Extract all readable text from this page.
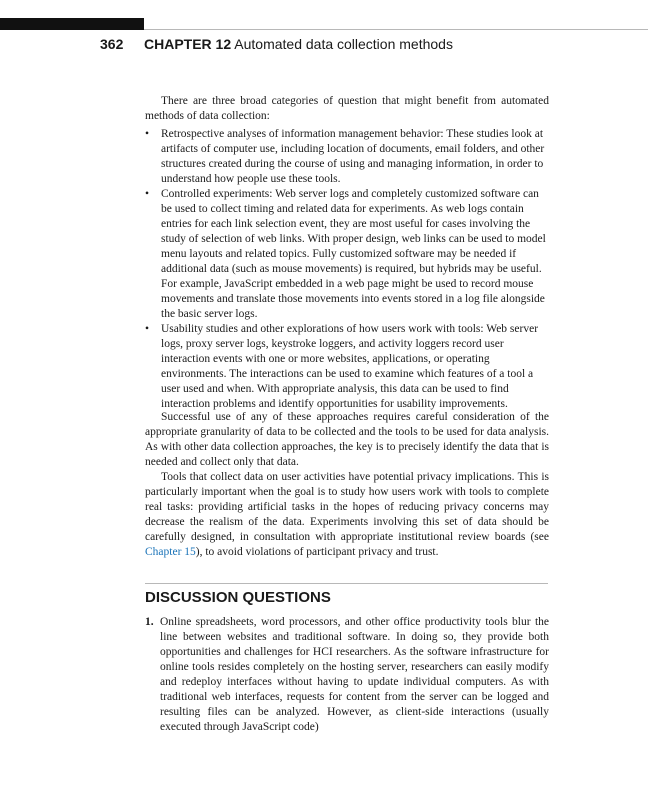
362 CHAPTER 12 Automated data collection methods
There are three broad categories of question that might benefit from automated methods of data collection:
• Retrospective analyses of information management behavior: These studies look at artifacts of computer use, including location of documents, email folders, and other structures created during the course of using and managing information, in order to understand how people use these tools.
• Controlled experiments: Web server logs and completely customized software can be used to collect timing and related data for experiments. As web logs contain entries for each link selection event, they are most useful for cases involving the study of selection of web links. With proper design, web links can be used to model menu layouts and related topics. Fully customized software may be needed if additional data (such as mouse movements) is required, but hybrids may be useful. For example, JavaScript embedded in a web page might be used to record mouse movements and translate those movements into events stored in a log file alongside the basic server logs.
• Usability studies and other explorations of how users work with tools: Web server logs, proxy server logs, keystroke loggers, and activity loggers record user interaction events with one or more websites, applications, or operating environments. The interactions can be used to examine which features of a tool a user used and when. With appropriate analysis, this data can be used to find interaction problems and identify opportunities for usability improvements.

Successful use of any of these approaches requires careful consideration of the appropriate granularity of data to be collected and the tools to be used for data analysis. As with other data collection approaches, the key is to precisely identify the data that is needed and collect only that data.

Tools that collect data on user activities have potential privacy implications. This is particularly important when the goal is to study how users work with tools to complete real tasks: providing artificial tasks in the hopes of reducing privacy concerns may decrease the realism of the data. Experiments involving this set of data should be carefully designed, in consultation with appropriate institutional review boards (see Chapter 15), to avoid violations of participant privacy and trust.

DISCUSSION QUESTIONS
1. Online spreadsheets, word processors, and other office productivity tools blur the line between websites and traditional software. In doing so, they provide both opportunities and challenges for HCI researchers. As the software infrastructure for online tools resides completely on the hosting server, researchers can easily modify and redeploy interfaces without having to update individual computers. As with traditional web interfaces, requests for content from the server can be logged and resulting files can be analyzed. However, as client-side interactions (usually executed through JavaScript code)
